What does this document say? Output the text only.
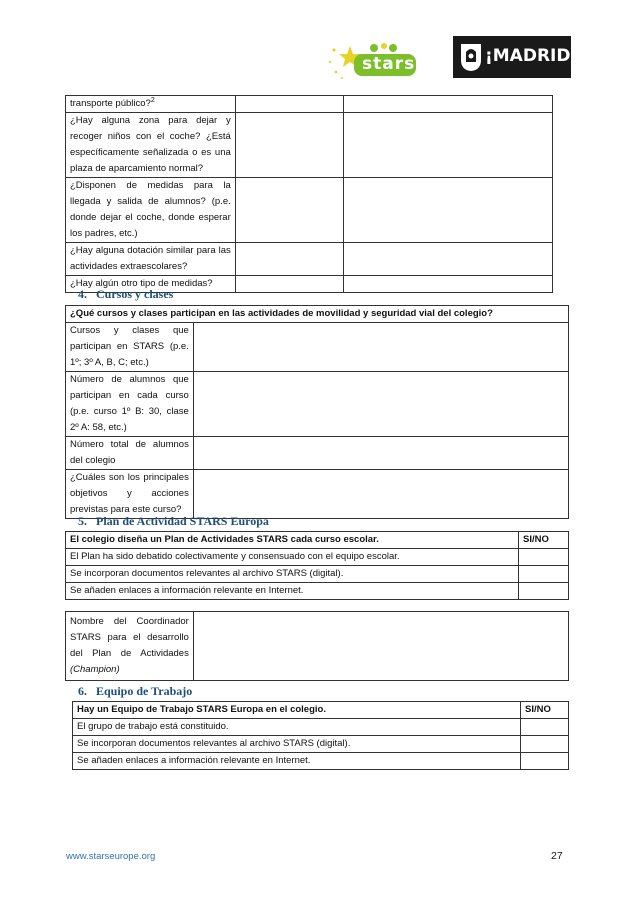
stars	¡MADRID!
transporte público?$^2$		
¿Hay alguna zona para dejar y recoger niños con el coche? ¿Está específicamente señalizada o es una plaza de aparcamiento normal?		
¿Disponen de medidas para la llegada y salida de alumnos? (p.e. donde dejar el coche, donde esperar los padres, etc.)		
¿Hay alguna dotación similar para las actividades extraescolares?		
¿Hay algún otro tipo de medidas?		
4.   Cursos y clases
¿Qué cursos y clases participan en las actividades de movilidad y seguridad vial del colegio?	
Cursos y clases que participan en STARS (p.e. 1º; 3º A, B, C; etc.)	
Número de alumnos que participan en cada curso (p.e. curso 1º B: 30, clase 2º A: 58, etc.)	
Número total de alumnos del colegio	
¿Cuáles son los principales objetivos y acciones previstas para este curso?	
5.   Plan de Actividad STARS Europa
El colegio diseña un Plan de Actividades STARS cada curso escolar.	SI/NO
El Plan ha sido debatido colectivamente y consensuado con el equipo escolar.	
Se incorporan documentos relevantes al archivo STARS (digital).	
Se añaden enlaces a información relevante en Internet.	
Nombre del Coordinador STARS para el desarrollo del Plan de Actividades
(Champion)	
6.   Equipo de Trabajo
Hay un Equipo de Trabajo STARS Europa en el colegio.	SI/NO
El grupo de trabajo está constituido.	
Se incorporan documentos relevantes al archivo STARS (digital).	
Se añaden enlaces a información relevante en Internet.	
www.starseurope.org	27
